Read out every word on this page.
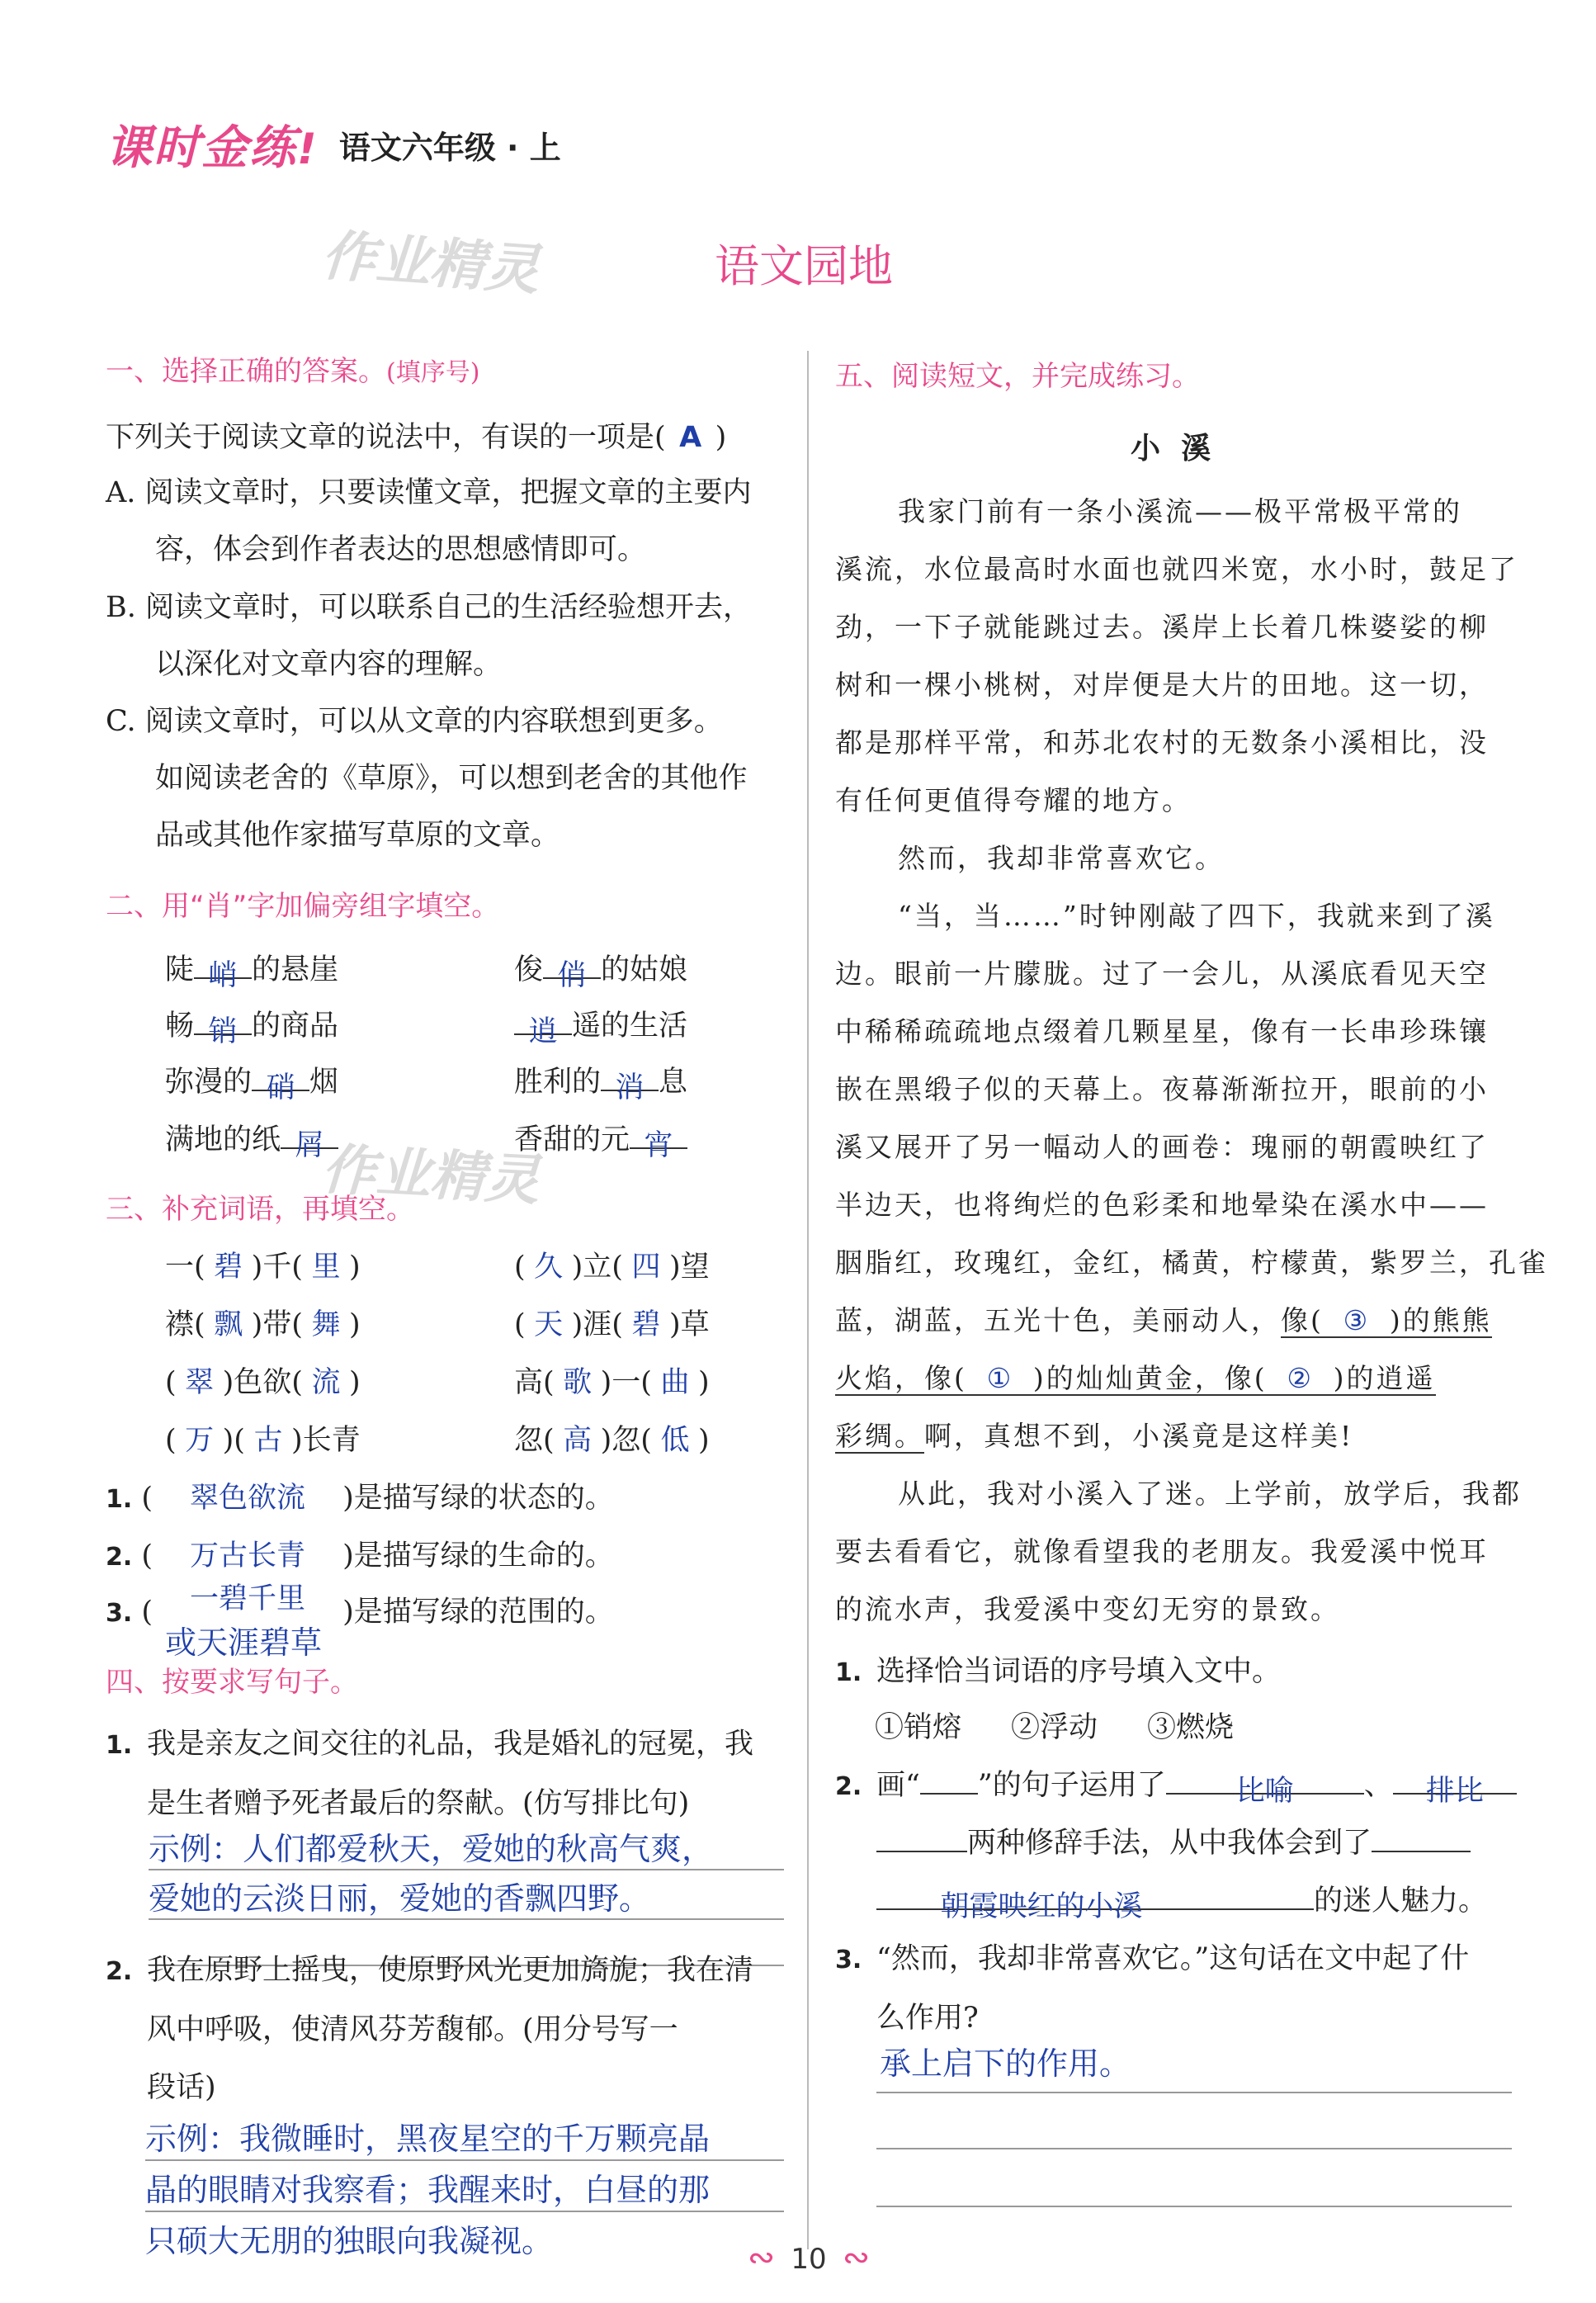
课时金练! 语文六年级 · 上
作业精灵	语文园地
一、选择正确的答案。(填序号)
下列关于阅读文章的说法中，有误的一项是( A )
A. 阅读文章时，只要读懂文章，把握文章的主要内
容，体会到作者表达的思想感情即可。
B. 阅读文章时，可以联系自己的生活经验想开去，
以深化对文章内容的理解。
C. 阅读文章时，可以从文章的内容联想到更多。
如阅读老舍的《草原》，可以想到老舍的其他作
品或其他作家描写草原的文章。
二、用“肖”字加偏旁组字填空。
陡 峭 的悬崖	俊 俏 的姑娘
畅 销 的商品	逍 遥的生活
弥漫的 硝 烟	胜利的 消 息
满地的纸 屑	香甜的元 宵
作业精灵
三、补充词语，再填空。
一( 碧 )千( 里 )	( 久 )立( 四 )望
襟( 飘 )带( 舞 )	( 天 )涯( 碧 )草
( 翠 )色欲( 流 )	高( 歌 )一( 曲 )
( 万 )( 古 )长青	忽( 高 )忽( 低 )
1. ( 翠色欲流 )是描写绿的状态的。
2. ( 万古长青 )是描写绿的生命的。
3. ( 一碧千里 )是描写绿的范围的。
或天涯碧草
四、按要求写句子。
1. 我是亲友之间交往的礼品，我是婚礼的冠冕，我
是生者赠予死者最后的祭献。(仿写排比句)
示例：人们都爱秋天，爱她的秋高气爽，
爱她的云淡日丽，爱她的香飘四野。
2. 我在原野上摇曳，使原野风光更加旖旎；我在清
风中呼吸，使清风芬芳馥郁。(用分号写一
段话)
示例：我微睡时，黑夜星空的千万颗亮晶
晶的眼睛对我察看；我醒来时，白昼的那
只硕大无朋的独眼向我凝视。
五、阅读短文，并完成练习。
小  溪
我家门前有一条小溪流——极平常极平常的
溪流，水位最高时水面也就四米宽，水小时，鼓足了
劲，一下子就能跳过去。溪岸上长着几株婆娑的柳
树和一棵小桃树，对岸便是大片的田地。这一切，
都是那样平常，和苏北农村的无数条小溪相比，没
有任何更值得夸耀的地方。
然而，我却非常喜欢它。
“当，当……”时钟刚敲了四下，我就来到了溪
边。眼前一片朦胧。过了一会儿，从溪底看见天空
中稀稀疏疏地点缀着几颗星星，像有一长串珍珠镶
嵌在黑缎子似的天幕上。夜幕渐渐拉开，眼前的小
溪又展开了另一幅动人的画卷：瑰丽的朝霞映红了
半边天，也将绚烂的色彩柔和地晕染在溪水中——
胭脂红，玫瑰红，金红，橘黄，柠檬黄，紫罗兰，孔雀
蓝，湖蓝，五光十色，美丽动人，像( ③ )的熊熊
火焰，像( ① )的灿灿黄金，像( ② )的逍遥
彩绸。啊，真想不到，小溪竟是这样美!
从此，我对小溪入了迷。上学前，放学后，我都
要去看看它，就像看望我的老朋友。我爱溪中悦耳
的流水声，我爱溪中变幻无穷的景致。
1. 选择恰当词语的序号填入文中。
①销熔 ②浮动 ③燃烧
2. 画“ ”的句子运用了	比喻	、	排比
两种修辞手法，从中我体会到了
朝霞映红的小溪	的迷人魅力。
3. “然而，我却非常喜欢它。”这句话在文中起了什
么作用?
承上启下的作用。
∾ 10 ∾
